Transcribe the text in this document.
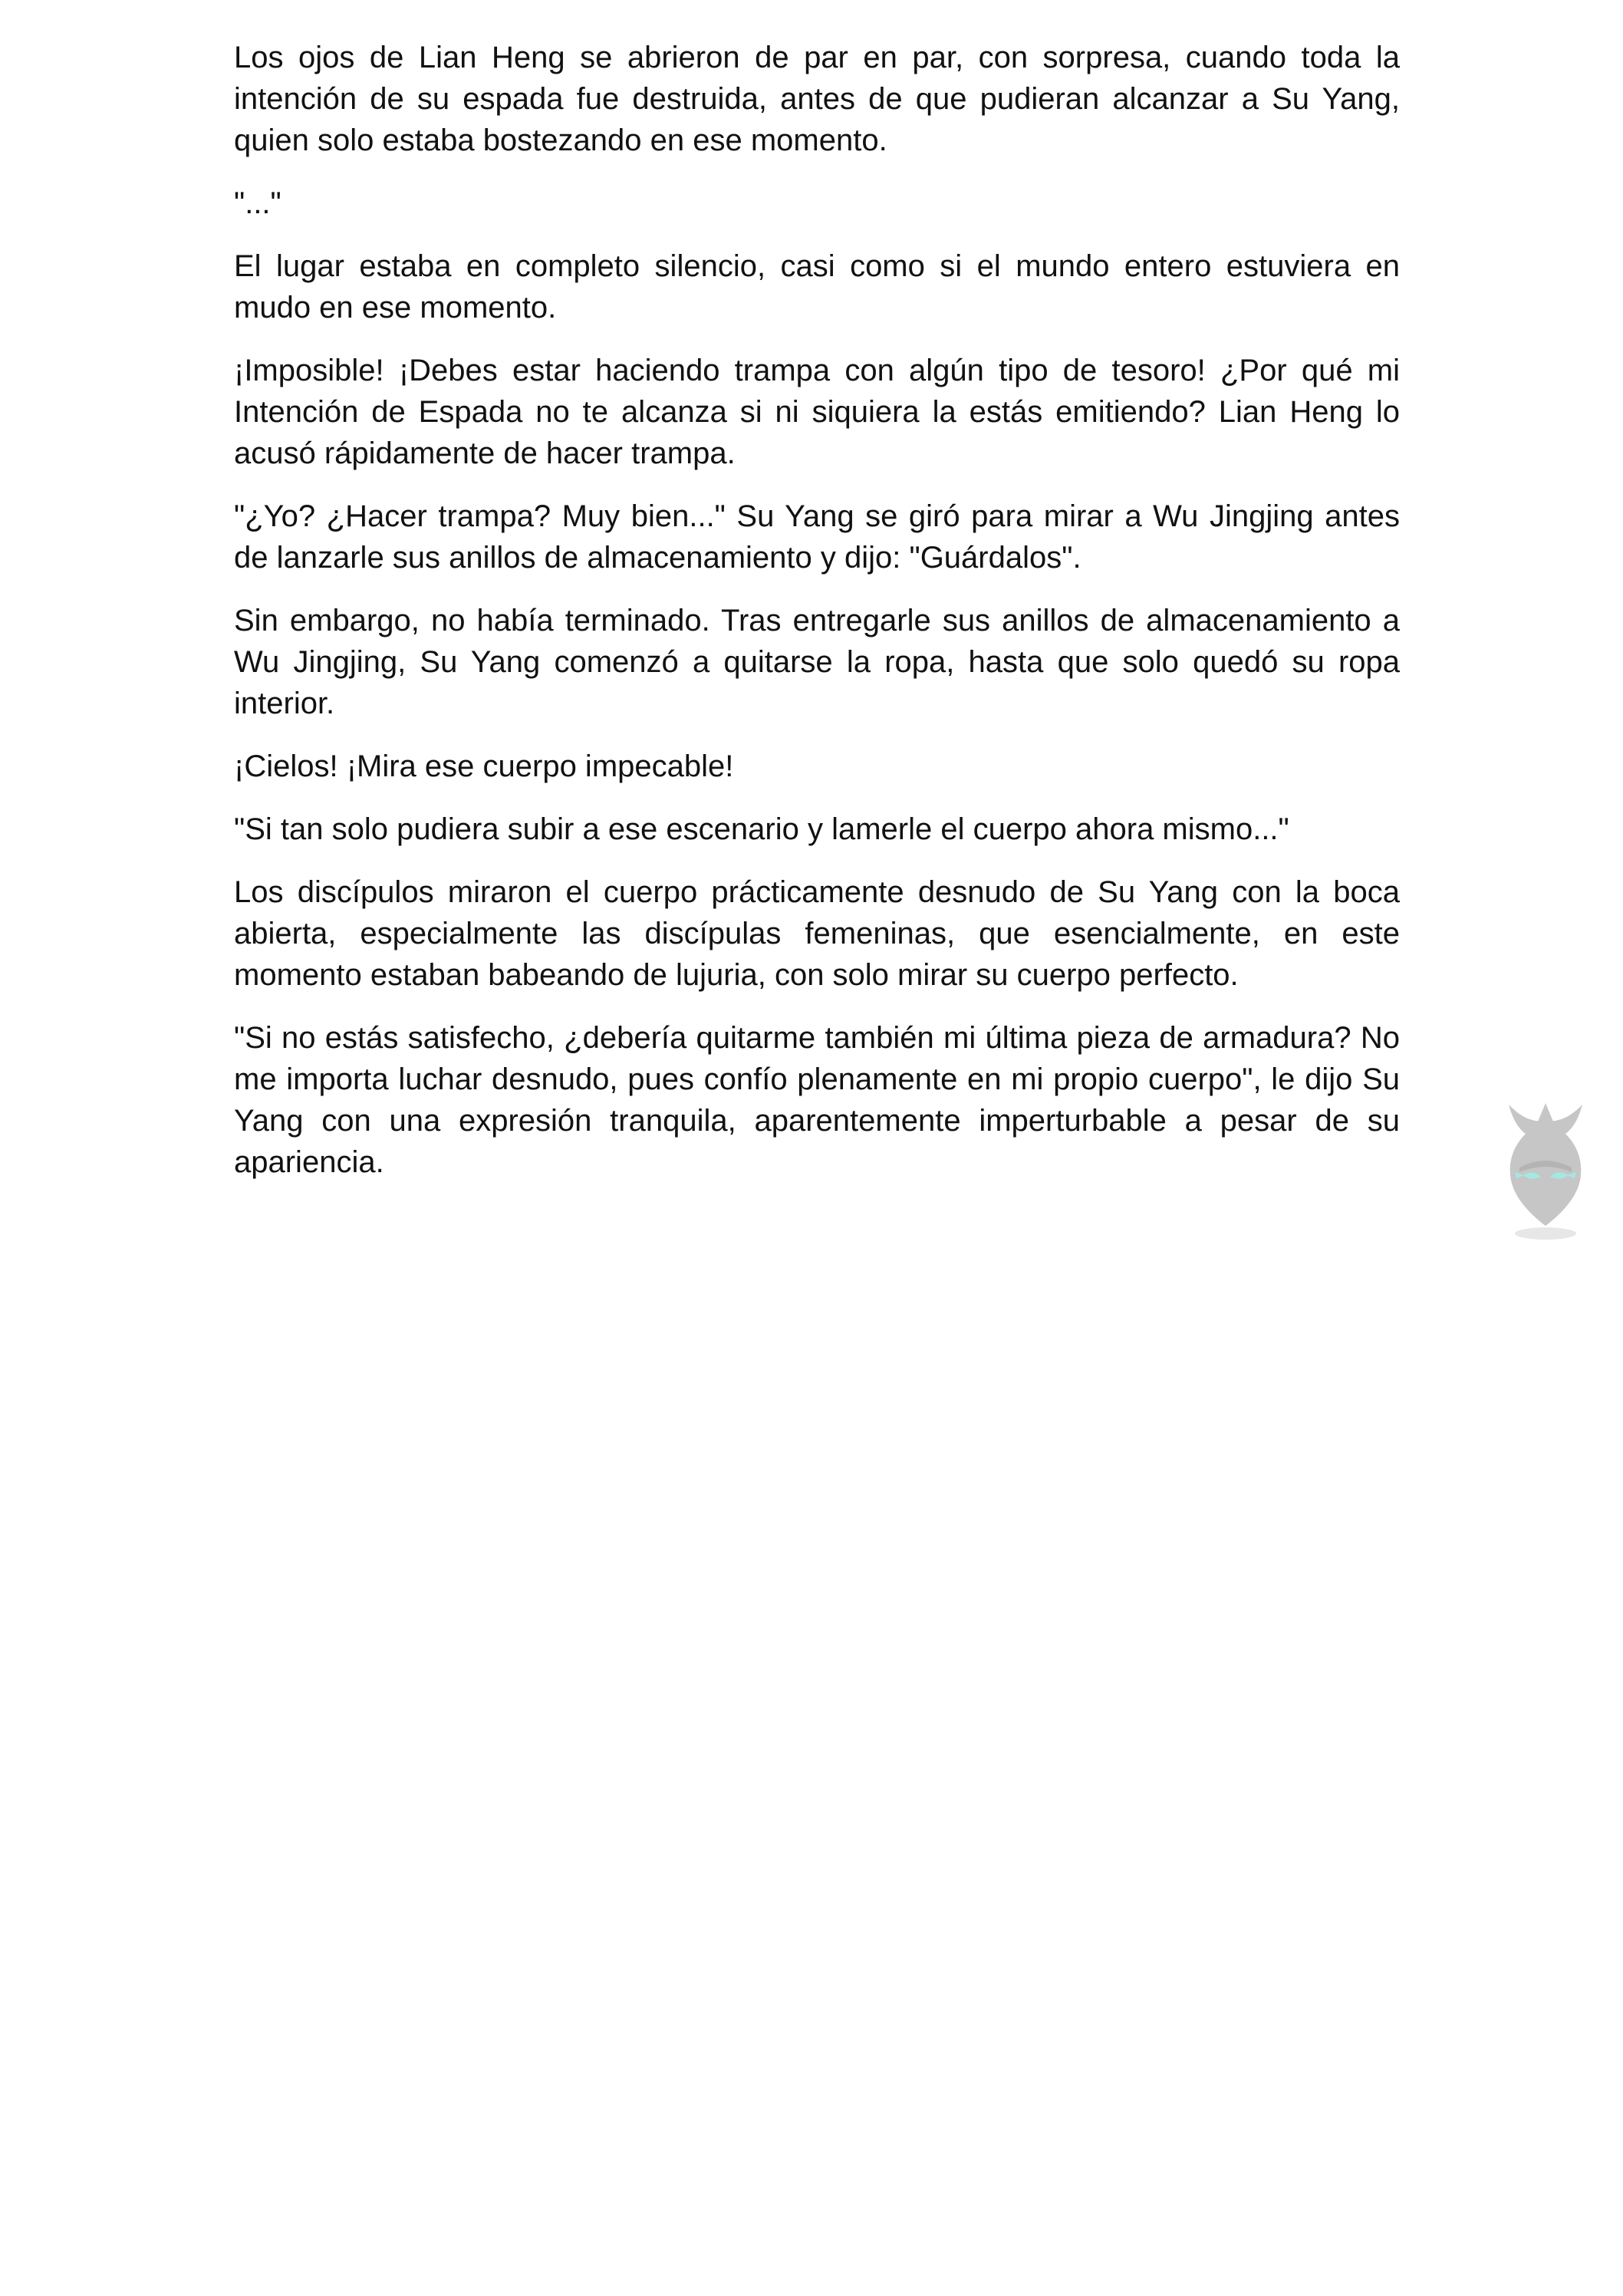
Los ojos de Lian Heng se abrieron de par en par, con sorpresa, cuando toda la intención de su espada fue destruida, antes de que pudieran alcanzar a Su Yang, quien solo estaba bostezando en ese momento.

"..."

El lugar estaba en completo silencio, casi como si el mundo entero estuviera en mudo en ese momento.

¡Imposible! ¡Debes estar haciendo trampa con algún tipo de tesoro! ¿Por qué mi Intención de Espada no te alcanza si ni siquiera la estás emitiendo? Lian Heng lo acusó rápidamente de hacer trampa.

"¿Yo? ¿Hacer trampa? Muy bien..." Su Yang se giró para mirar a Wu Jingjing antes de lanzarle sus anillos de almacenamiento y dijo: "Guárdalos".

Sin embargo, no había terminado. Tras entregarle sus anillos de almacenamiento a Wu Jingjing, Su Yang comenzó a quitarse la ropa, hasta que solo quedó su ropa interior.

¡Cielos! ¡Mira ese cuerpo impecable!

"Si tan solo pudiera subir a ese escenario y lamerle el cuerpo ahora mismo..."

Los discípulos miraron el cuerpo prácticamente desnudo de Su Yang con la boca abierta, especialmente las discípulas femeninas, que esencialmente, en este momento estaban babeando de lujuria, con solo mirar su cuerpo perfecto.

"Si no estás satisfecho, ¿debería quitarme también mi última pieza de armadura? No me importa luchar desnudo, pues confío plenamente en mi propio cuerpo", le dijo Su Yang con una expresión tranquila, aparentemente imperturbable a pesar de su apariencia.
